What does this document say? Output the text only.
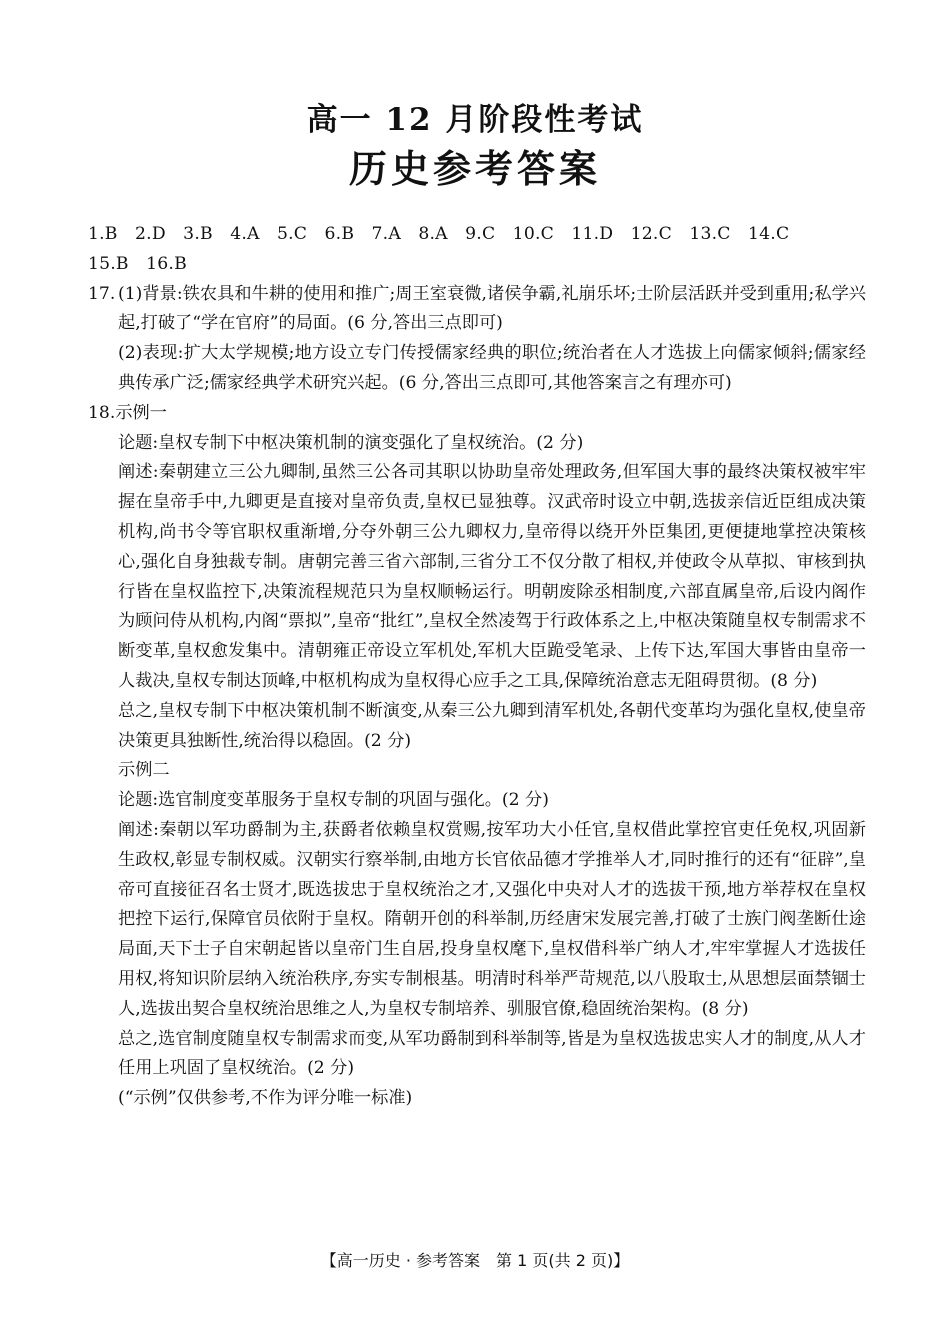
高一 12 月阶段性考试
历史参考答案
1.B　2.D　3.B　4.A　5.C　6.B　7.A　8.A　9.C　10.C　11.D　12.C　13.C　14.C
15.B　16.B
17. (1)背景:铁农具和牛耕的使用和推广;周王室衰微,诸侯争霸,礼崩乐坏;士阶层活跃并受到重用;私学兴起,打破了“学在官府”的局面。(6 分,答出三点即可)
(2)表现:扩大太学规模;地方设立专门传授儒家经典的职位;统治者在人才选拔上向儒家倾斜;儒家经典传承广泛;儒家经典学术研究兴起。(6 分,答出三点即可,其他答案言之有理亦可)
18.示例一
论题:皇权专制下中枢决策机制的演变强化了皇权统治。(2 分)
阐述:秦朝建立三公九卿制,虽然三公各司其职以协助皇帝处理政务,但军国大事的最终决策权被牢牢握在皇帝手中,九卿更是直接对皇帝负责,皇权已显独尊。汉武帝时设立中朝,选拔亲信近臣组成决策机构,尚书令等官职权重渐增,分夺外朝三公九卿权力,皇帝得以绕开外臣集团,更便捷地掌控决策核心,强化自身独裁专制。唐朝完善三省六部制,三省分工不仅分散了相权,并使政令从草拟、审核到执行皆在皇权监控下,决策流程规范只为皇权顺畅运行。明朝废除丞相制度,六部直属皇帝,后设内阁作为顾问侍从机构,内阁“票拟”,皇帝“批红”,皇权全然凌驾于行政体系之上,中枢决策随皇权专制需求不断变革,皇权愈发集中。清朝雍正帝设立军机处,军机大臣跪受笔录、上传下达,军国大事皆由皇帝一人裁决,皇权专制达顶峰,中枢机构成为皇权得心应手之工具,保障统治意志无阻碍贯彻。(8 分)
总之,皇权专制下中枢决策机制不断演变,从秦三公九卿到清军机处,各朝代变革均为强化皇权,使皇帝决策更具独断性,统治得以稳固。(2 分)
示例二
论题:选官制度变革服务于皇权专制的巩固与强化。(2 分)
阐述:秦朝以军功爵制为主,获爵者依赖皇权赏赐,按军功大小任官,皇权借此掌控官吏任免权,巩固新生政权,彰显专制权威。汉朝实行察举制,由地方长官依品德才学推举人才,同时推行的还有“征辟”,皇帝可直接征召名士贤才,既选拔忠于皇权统治之才,又强化中央对人才的选拔干预,地方举荐权在皇权把控下运行,保障官员依附于皇权。隋朝开创的科举制,历经唐宋发展完善,打破了士族门阀垄断仕途局面,天下士子自宋朝起皆以皇帝门生自居,投身皇权麾下,皇权借科举广纳人才,牢牢掌握人才选拔任用权,将知识阶层纳入统治秩序,夯实专制根基。明清时科举严苛规范,以八股取士,从思想层面禁锢士人,选拔出契合皇权统治思维之人,为皇权专制培养、驯服官僚,稳固统治架构。(8 分)
总之,选官制度随皇权专制需求而变,从军功爵制到科举制等,皆是为皇权选拔忠实人才的制度,从人才任用上巩固了皇权统治。(2 分)
(“示例”仅供参考,不作为评分唯一标准)
【高一历史 · 参考答案　第 1 页(共 2 页)】
